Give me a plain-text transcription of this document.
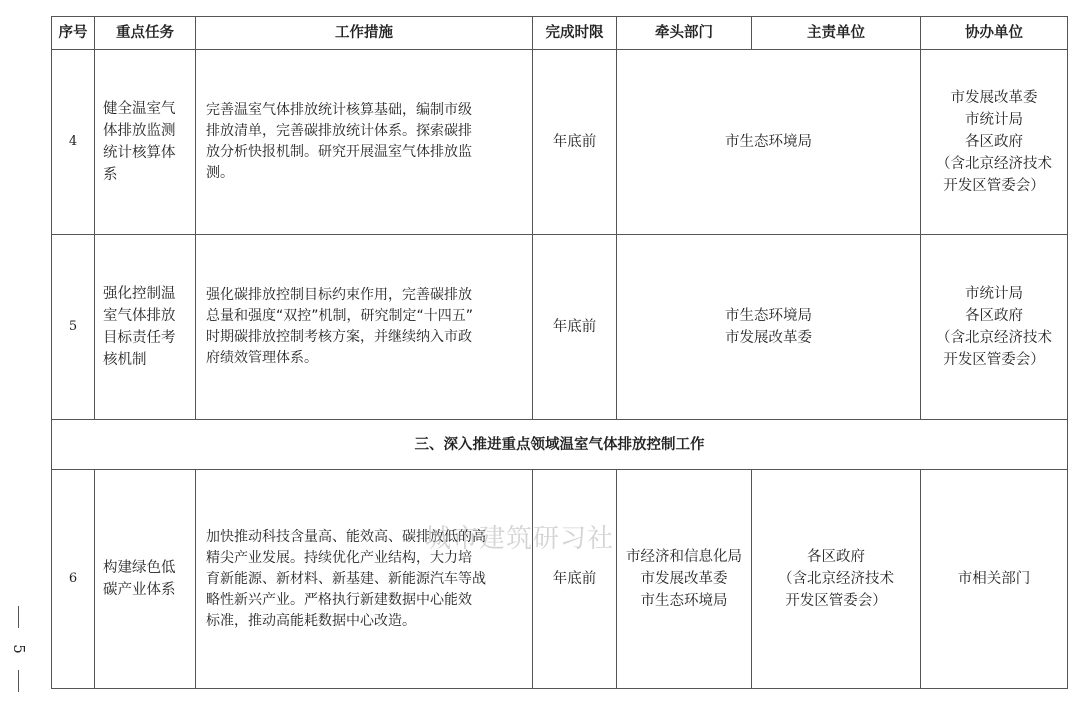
序号	重点任务	工作措施	完成时限	牵头部门	主责单位	协办单位
4	健全温室气
体排放监测
统计核算体
系	完善温室气体排放统计核算基础，编制市级
排放清单，完善碳排放统计体系。探索碳排
放分析快报机制。研究开展温室气体排放监
测。	年底前	市生态环境局		市发展改革委
市统计局
各区政府
（含北京经济技术
开发区管委会）

5	强化控制温
室气体排放
目标责任考
核机制	强化碳排放控制目标约束作用，完善碳排放
总量和强度“双控”机制，研究制定“十四五”
时期碳排放控制考核方案，并继续纳入市政
府绩效管理体系。	年底前	市生态环境局
市发展改革委		市统计局
各区政府
（含北京经济技术
开发区管委会）

三、深入推进重点领域温室气体排放控制工作						
6	构建绿色低
碳产业体系	加快推动科技含量高、能效高、碳排放低的高
精尖产业发展。持续优化产业结构，大力培
育新能源、新材料、新基建、新能源汽车等战
略性新兴产业。严格执行新建数据中心能效
标准，推动高能耗数据中心改造。	年底前	市经济和信息化局
市发展改革委
市生态环境局	各区政府
（含北京经济技术
开发区管委会）	市相关部门
城市建筑研习社
5
